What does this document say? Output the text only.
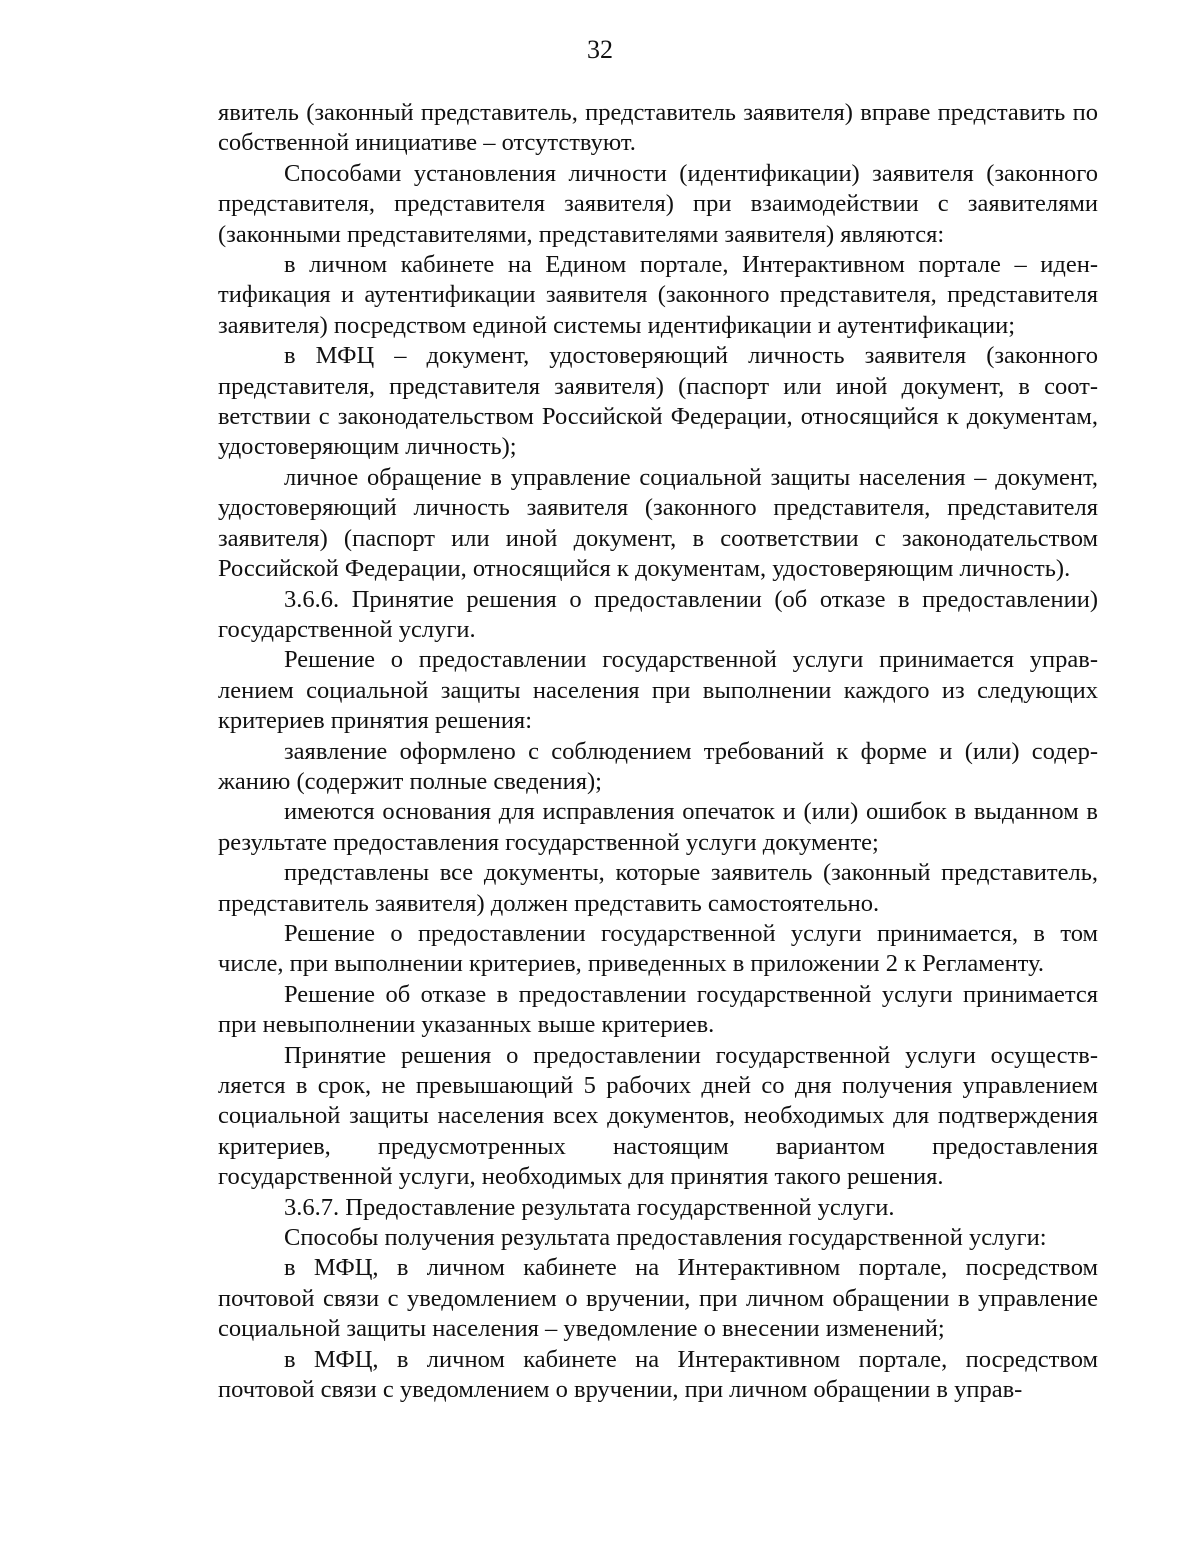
32

явитель (законный представитель, представитель заявителя) вправе представить по собственной инициативе – отсутствуют.

Способами установления личности (идентификации) заявителя (законного представителя, представителя заявителя) при взаимодействии с заявителями (законными представителями, представителями заявителя) являются:

в личном кабинете на Едином портале, Интерактивном портале – идентификация и аутентификации заявителя (законного представителя, представителя заявителя) посредством единой системы идентификации и аутентификации;

в МФЦ – документ, удостоверяющий личность заявителя (законного представителя, представителя заявителя) (паспорт или иной документ, в соответствии с законодательством Российской Федерации, относящийся к документам, удостоверяющим личность);

личное обращение в управление социальной защиты населения – документ, удостоверяющий личность заявителя (законного представителя, представителя заявителя) (паспорт или иной документ, в соответствии с законодательством Российской Федерации, относящийся к документам, удостоверяющим личность).

3.6.6. Принятие решения о предоставлении (об отказе в предоставлении) государственной услуги.

Решение о предоставлении государственной услуги принимается управлением социальной защиты населения при выполнении каждого из следующих критериев принятия решения:

заявление оформлено с соблюдением требований к форме и (или) содержанию (содержит полные сведения);

имеются основания для исправления опечаток и (или) ошибок в выданном в результате предоставления государственной услуги документе;

представлены все документы, которые заявитель (законный представитель, представитель заявителя) должен представить самостоятельно.

Решение о предоставлении государственной услуги принимается, в том числе, при выполнении критериев, приведенных в приложении 2 к Регламенту.

Решение об отказе в предоставлении государственной услуги принимается при невыполнении указанных выше критериев.

Принятие решения о предоставлении государственной услуги осуществляется в срок, не превышающий 5 рабочих дней со дня получения управлением социальной защиты населения всех документов, необходимых для подтверждения критериев, предусмотренных настоящим вариантом предоставления государственной услуги, необходимых для принятия такого решения.

3.6.7. Предоставление результата государственной услуги.

Способы получения результата предоставления государственной услуги:

в МФЦ, в личном кабинете на Интерактивном портале, посредством почтовой связи с уведомлением о вручении, при личном обращении в управление социальной защиты населения – уведомление о внесении изменений;

в МФЦ, в личном кабинете на Интерактивном портале, посредством почтовой связи с уведомлением о вручении, при личном обращении в управ-
